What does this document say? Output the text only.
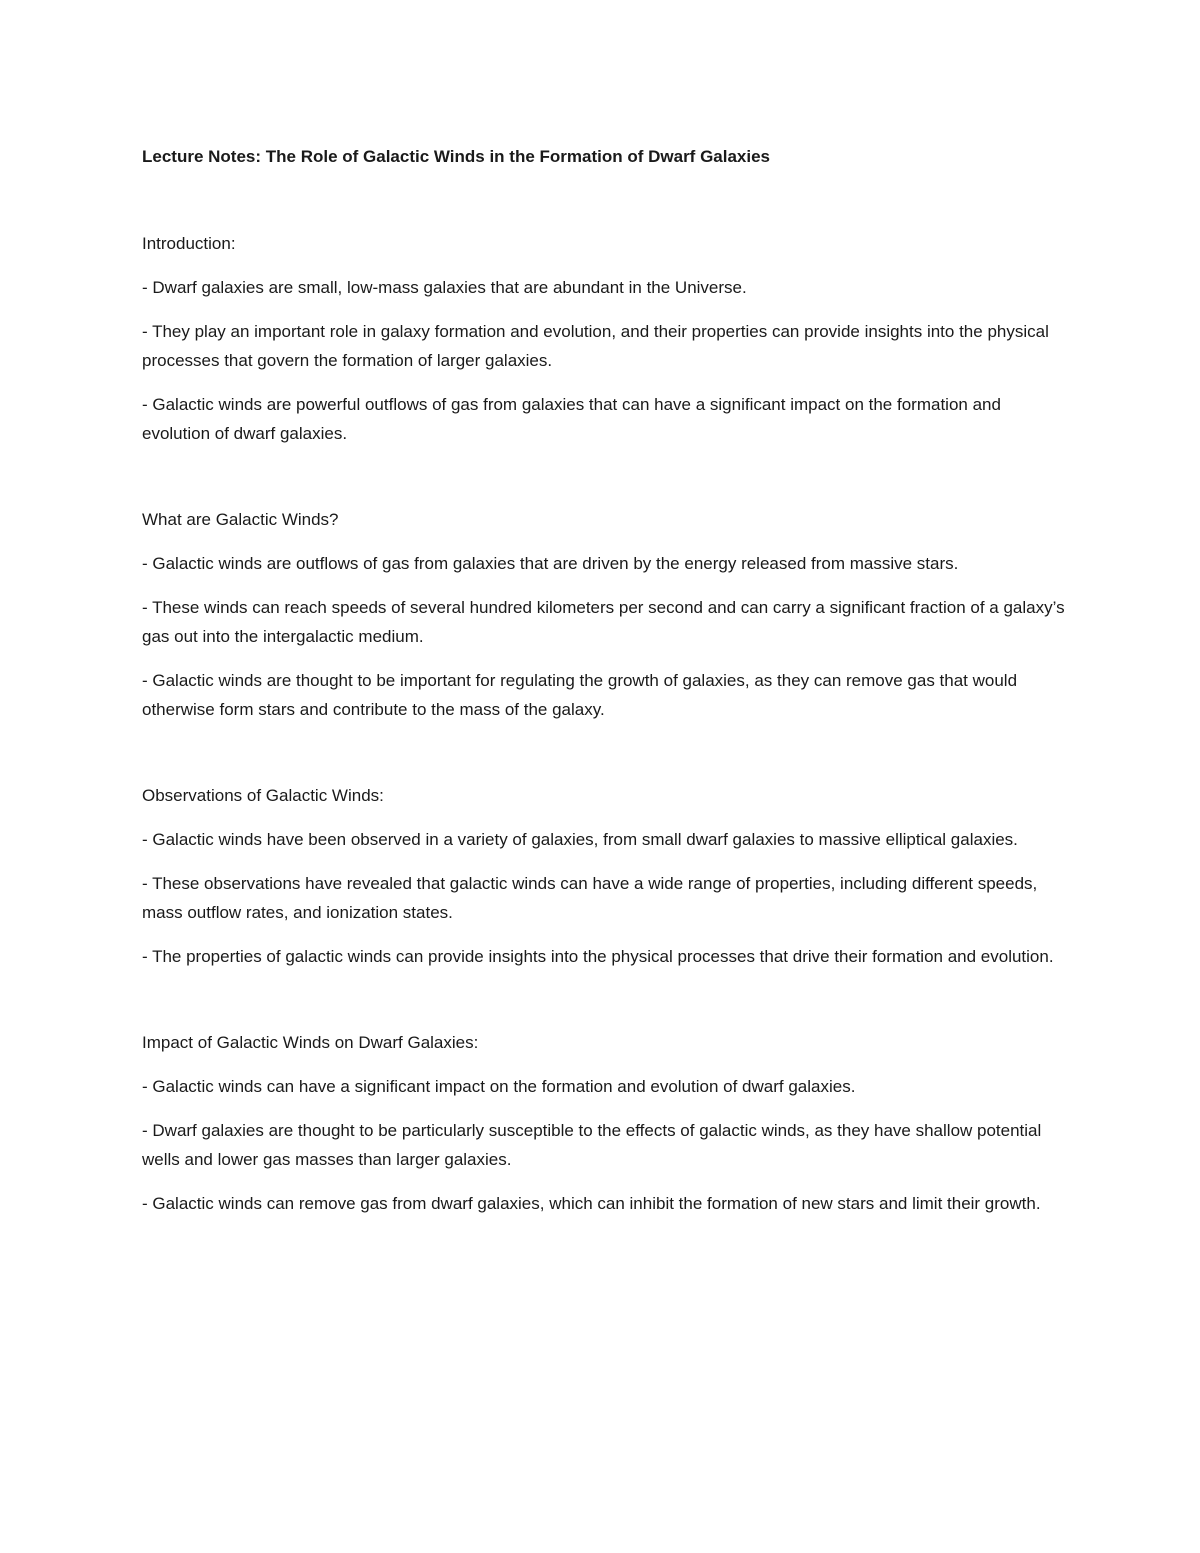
Lecture Notes: The Role of Galactic Winds in the Formation of Dwarf Galaxies

Introduction:

- Dwarf galaxies are small, low-mass galaxies that are abundant in the Universe.

- They play an important role in galaxy formation and evolution, and their properties can provide insights into the physical processes that govern the formation of larger galaxies.

- Galactic winds are powerful outflows of gas from galaxies that can have a significant impact on the formation and evolution of dwarf galaxies.

What are Galactic Winds?

- Galactic winds are outflows of gas from galaxies that are driven by the energy released from massive stars.

- These winds can reach speeds of several hundred kilometers per second and can carry a significant fraction of a galaxy’s gas out into the intergalactic medium.

- Galactic winds are thought to be important for regulating the growth of galaxies, as they can remove gas that would otherwise form stars and contribute to the mass of the galaxy.

Observations of Galactic Winds:

- Galactic winds have been observed in a variety of galaxies, from small dwarf galaxies to massive elliptical galaxies.

- These observations have revealed that galactic winds can have a wide range of properties, including different speeds, mass outflow rates, and ionization states.

- The properties of galactic winds can provide insights into the physical processes that drive their formation and evolution.

Impact of Galactic Winds on Dwarf Galaxies:

- Galactic winds can have a significant impact on the formation and evolution of dwarf galaxies.

- Dwarf galaxies are thought to be particularly susceptible to the effects of galactic winds, as they have shallow potential wells and lower gas masses than larger galaxies.

- Galactic winds can remove gas from dwarf galaxies, which can inhibit the formation of new stars and limit their growth.
